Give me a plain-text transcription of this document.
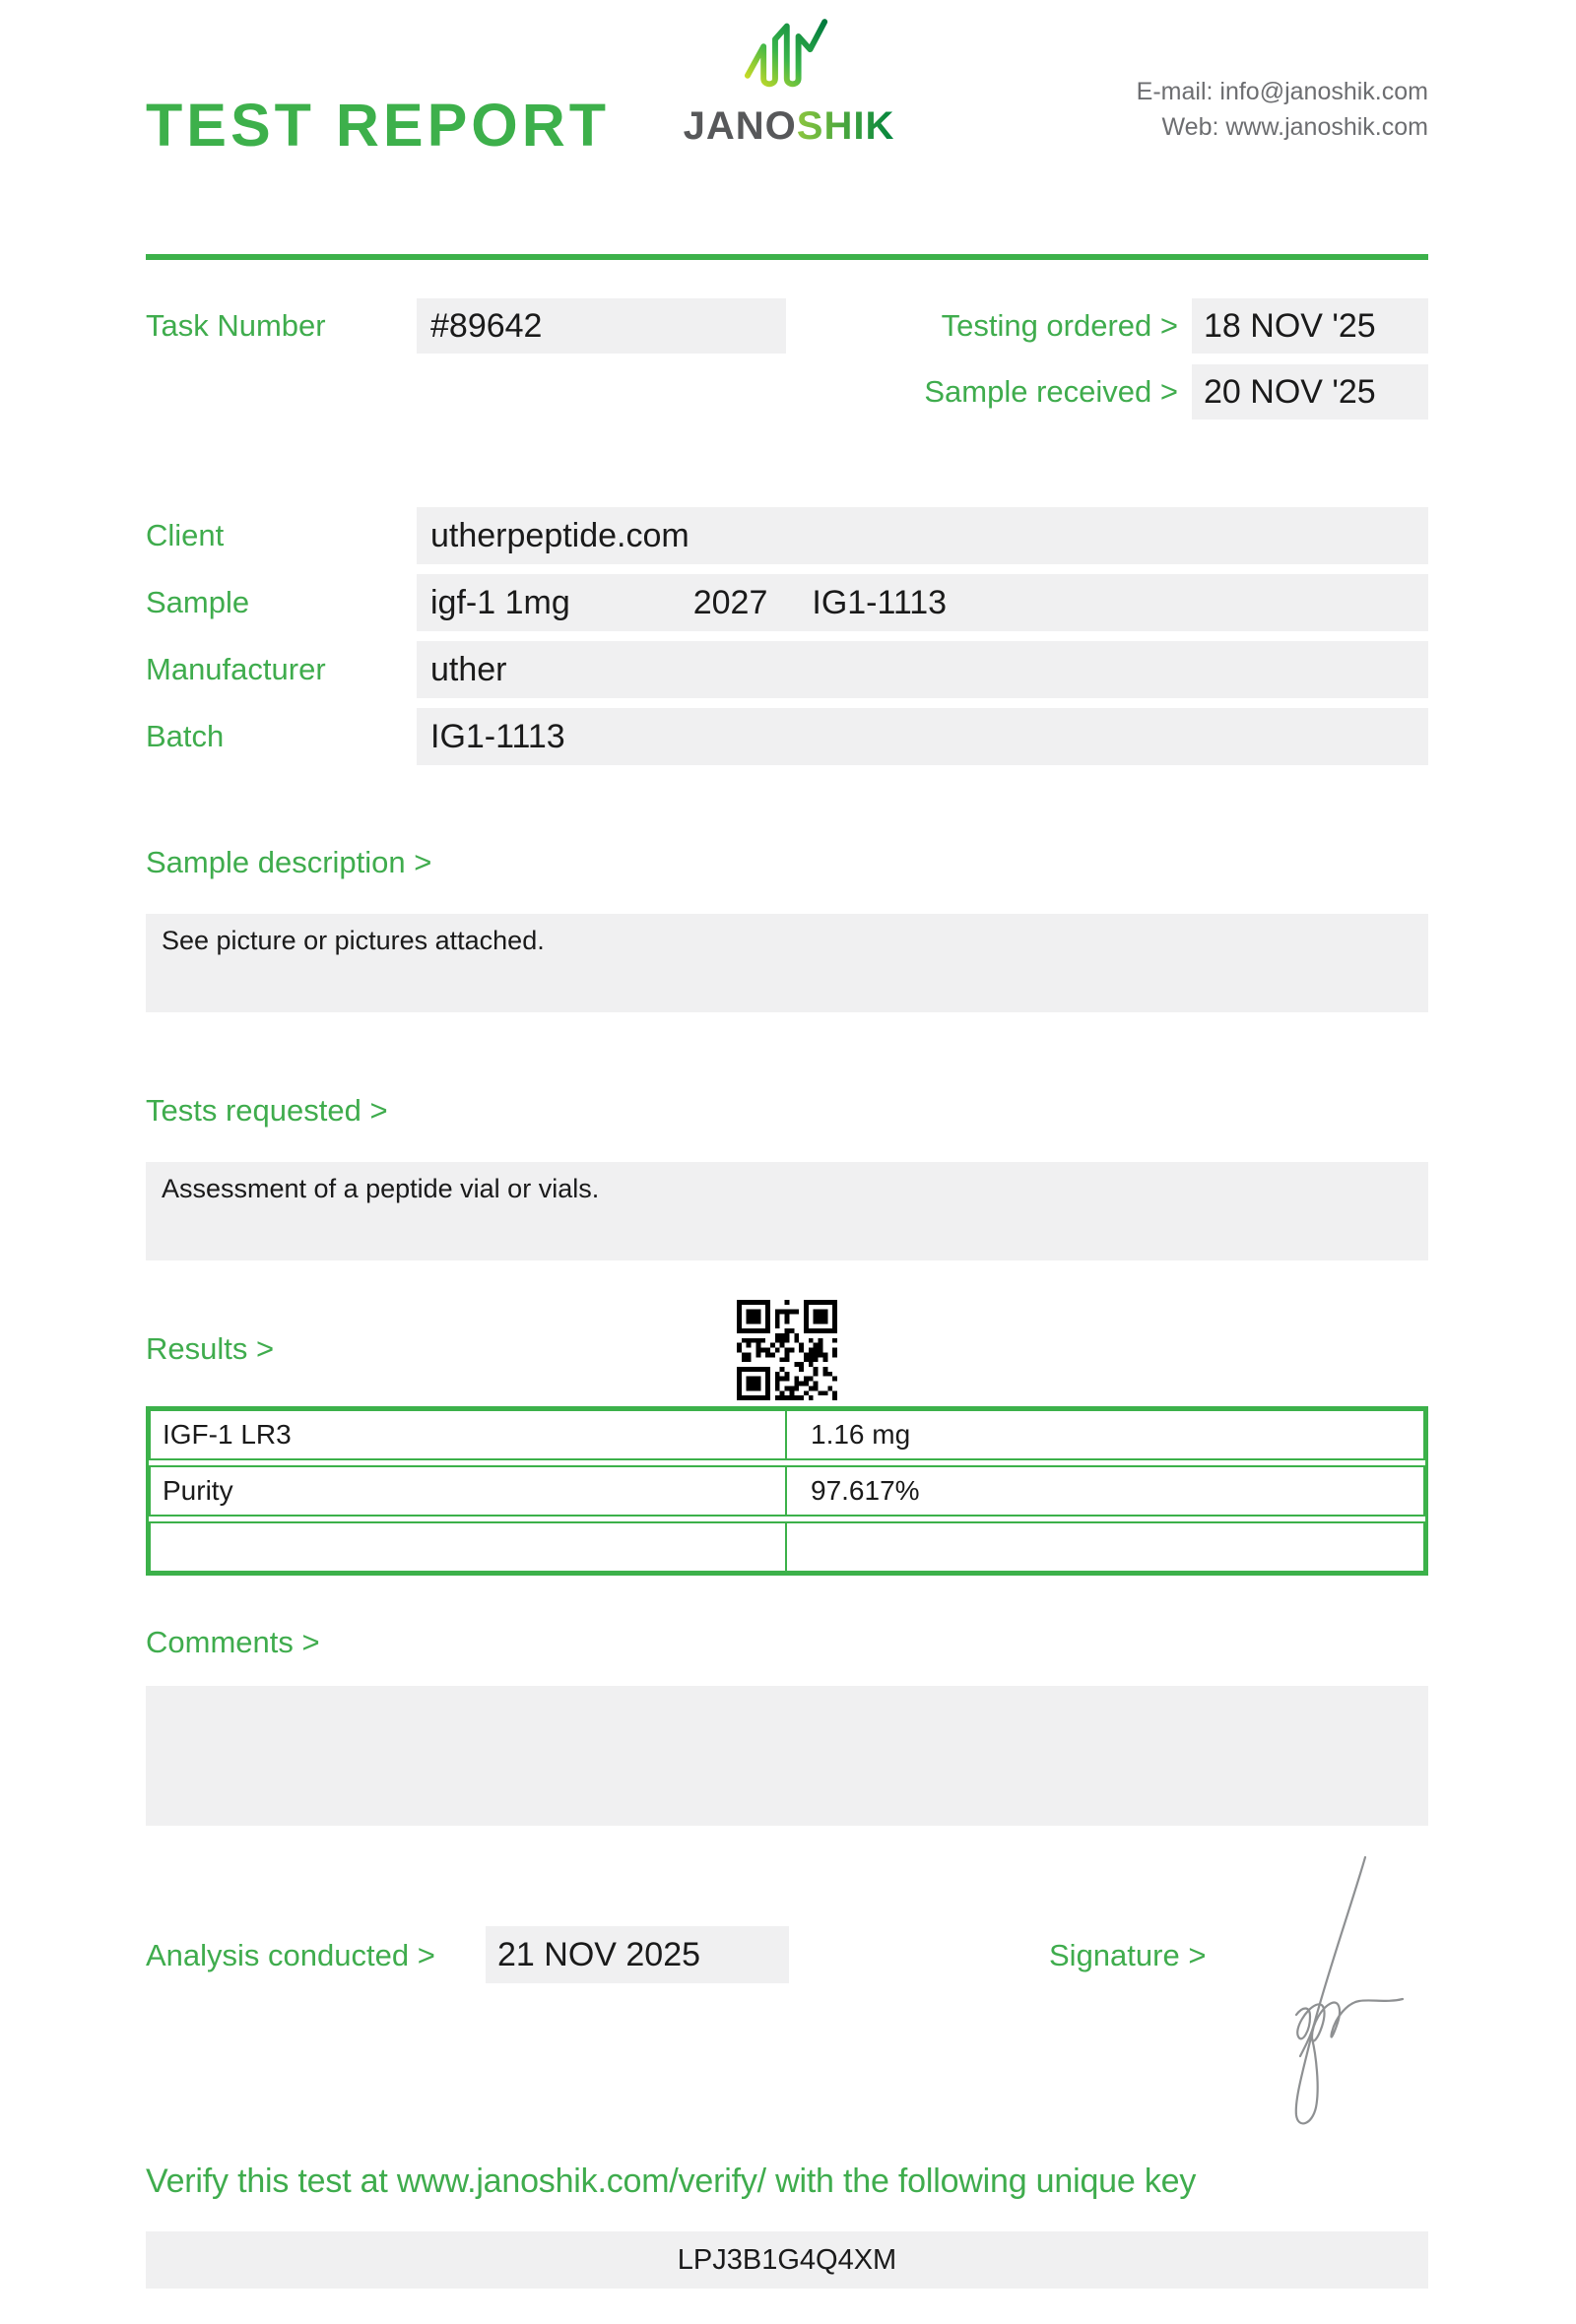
TEST REPORT JANOSHIK
E-mail: info@janoshik.com
Web: www.janoshik.com
Task Number	#89642	Testing ordered > 18 NOV '25
Sample received > 20 NOV '25
Client	utherpeptide.com
Sample	igf-1 1mg	2027 IG1-1113
Manufacturer	uther
Batch	IG1-1113
Sample description >
See picture or pictures attached.
Tests requested >
Assessment of a peptide vial or vials.
Results >
IGF-1 LR3	1.16 mg
Purity	97.617%
Comments >
Analysis conducted >	21 NOV 2025	Signature >
Verify this test at www.janoshik.com/verify/ with the following unique key
LPJ3B1G4Q4XM
